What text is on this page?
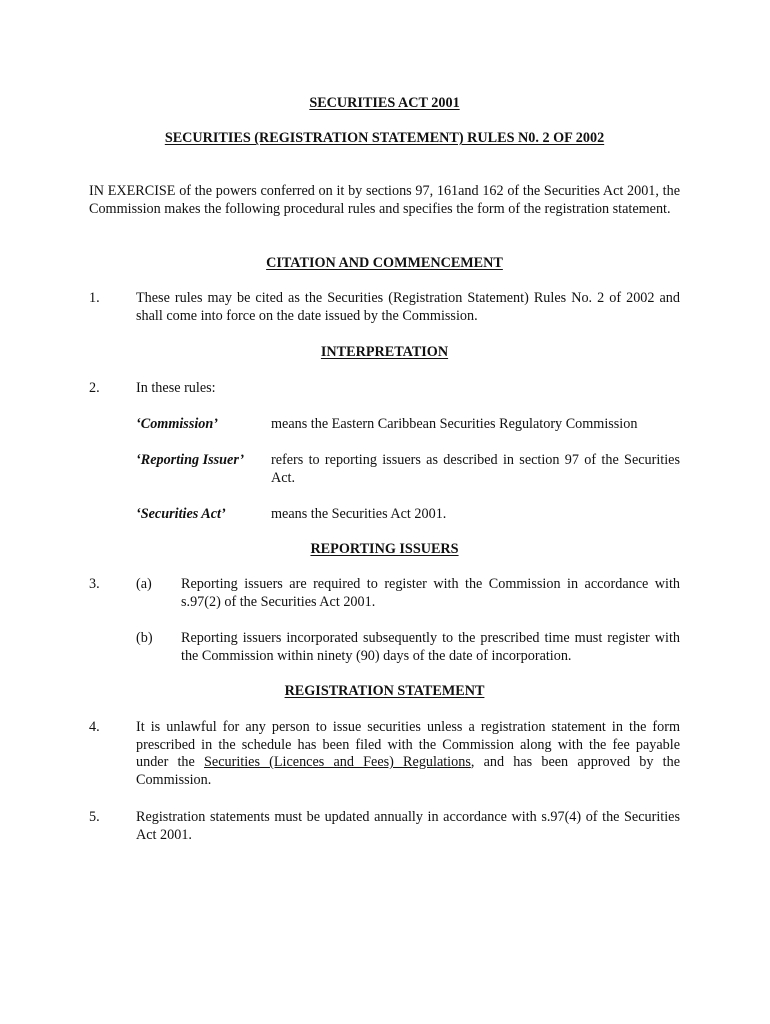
SECURITIES ACT 2001
SECURITIES (REGISTRATION STATEMENT) RULES N0. 2 OF 2002
IN EXERCISE of the powers conferred on it by sections 97, 161and 162 of the Securities Act 2001, the Commission makes the following procedural rules and specifies the form of the registration statement.
CITATION AND COMMENCEMENT
1.	These rules may be cited as the Securities (Registration Statement) Rules No. 2 of 2002 and shall come into force on the date issued by the Commission.
INTERPRETATION
2.	In these rules:
‘Commission’	means the Eastern Caribbean Securities Regulatory Commission
‘Reporting Issuer’ refers to reporting issuers as described in section 97 of the Securities Act.
‘Securities Act’	means the Securities Act 2001.
REPORTING ISSUERS
3.	(a) Reporting issuers are required to register with the Commission in accordance with s.97(2) of the Securities Act 2001.
(b) Reporting issuers incorporated subsequently to the prescribed time must register with the Commission within ninety (90) days of the date of incorporation.
REGISTRATION STATEMENT
4.	It is unlawful for any person to issue securities unless a registration statement in the form prescribed in the schedule has been filed with the Commission along with the fee payable under the Securities (Licences and Fees) Regulations, and has been approved by the Commission.
5.	Registration statements must be updated annually in accordance with s.97(4) of the Securities Act 2001.
